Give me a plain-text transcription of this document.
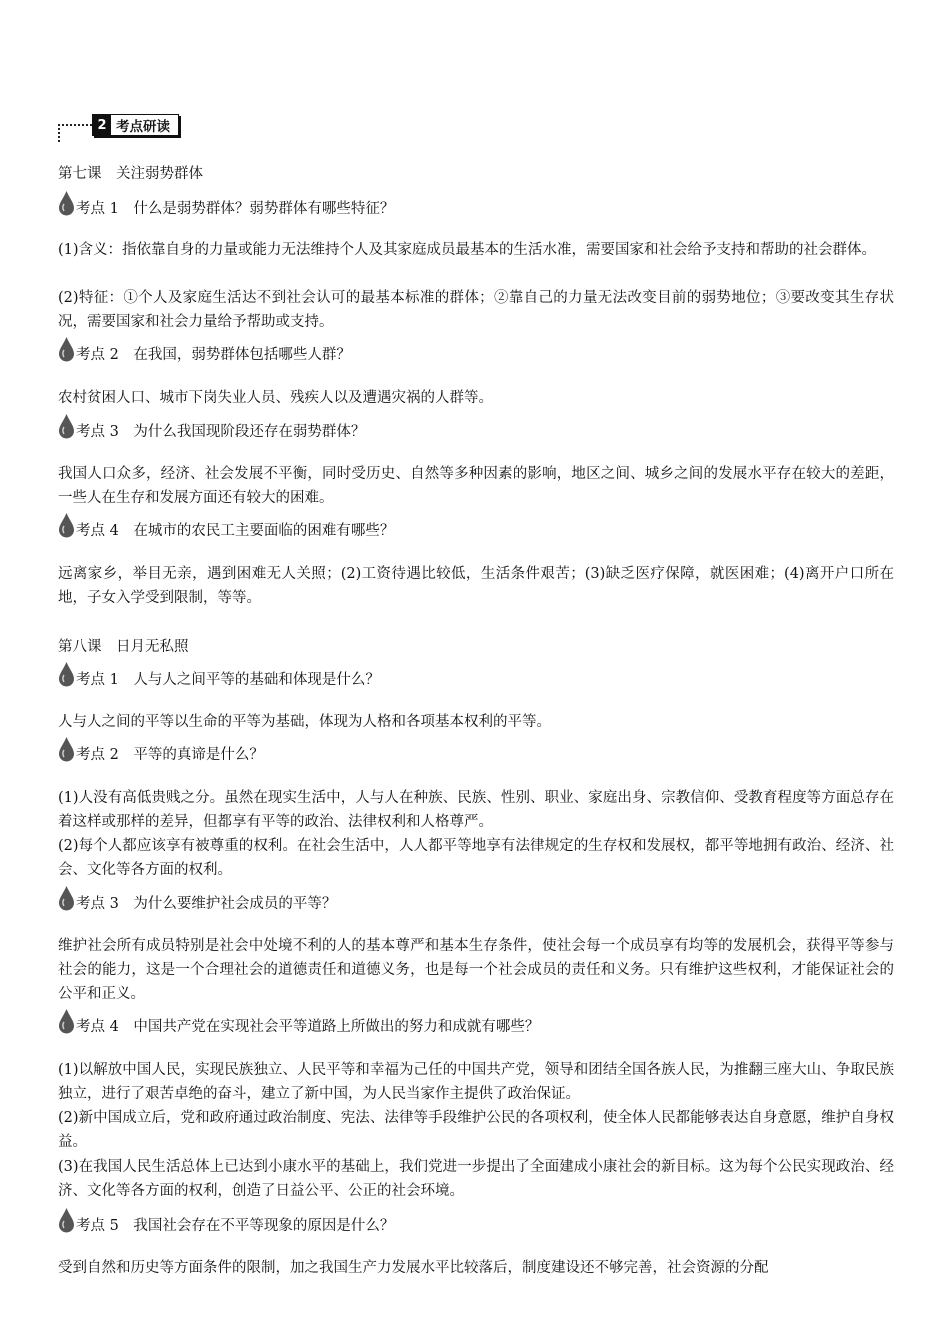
2 考点研读
第七课　关注弱势群体
考点 1　什么是弱势群体？弱势群体有哪些特征？
(1)含义：指依靠自身的力量或能力无法维持个人及其家庭成员最基本的生活水准，需要国家和社会给予支持和帮助的社会群体。
(2)特征：①个人及家庭生活达不到社会认可的最基本标准的群体；②靠自己的力量无法改变目前的弱势地位；③要改变其生存状况，需要国家和社会力量给予帮助或支持。
考点 2　在我国，弱势群体包括哪些人群？
农村贫困人口、城市下岗失业人员、残疾人以及遭遇灾祸的人群等。
考点 3　为什么我国现阶段还存在弱势群体？
我国人口众多，经济、社会发展不平衡，同时受历史、自然等多种因素的影响，地区之间、城乡之间的发展水平存在较大的差距，一些人在生存和发展方面还有较大的困难。
考点 4　在城市的农民工主要面临的困难有哪些？
远离家乡，举目无亲，遇到困难无人关照；(2)工资待遇比较低，生活条件艰苦；(3)缺乏医疗保障，就医困难；(4)离开户口所在地，子女入学受到限制，等等。
第八课　日月无私照
考点 1　人与人之间平等的基础和体现是什么？
人与人之间的平等以生命的平等为基础，体现为人格和各项基本权利的平等。
考点 2　平等的真谛是什么？
(1)人没有高低贵贱之分。虽然在现实生活中，人与人在种族、民族、性别、职业、家庭出身、宗教信仰、受教育程度等方面总存在着这样或那样的差异，但都享有平等的政治、法律权利和人格尊严。
(2)每个人都应该享有被尊重的权利。在社会生活中，人人都平等地享有法律规定的生存权和发展权，都平等地拥有政治、经济、社会、文化等各方面的权利。
考点 3　为什么要维护社会成员的平等？
维护社会所有成员特别是社会中处境不利的人的基本尊严和基本生存条件，使社会每一个成员享有均等的发展机会，获得平等参与社会的能力，这是一个合理社会的道德责任和道德义务，也是每一个社会成员的责任和义务。只有维护这些权利，才能保证社会的公平和正义。
考点 4　中国共产党在实现社会平等道路上所做出的努力和成就有哪些？
(1)以解放中国人民，实现民族独立、人民平等和幸福为己任的中国共产党，领导和团结全国各族人民，为推翻三座大山、争取民族独立，进行了艰苦卓绝的奋斗，建立了新中国，为人民当家作主提供了政治保证。
(2)新中国成立后，党和政府通过政治制度、宪法、法律等手段维护公民的各项权利，使全体人民都能够表达自身意愿，维护自身权益。
(3)在我国人民生活总体上已达到小康水平的基础上，我们党进一步提出了全面建成小康社会的新目标。这为每个公民实现政治、经济、文化等各方面的权利，创造了日益公平、公正的社会环境。
考点 5　我国社会存在不平等现象的原因是什么？
受到自然和历史等方面条件的限制，加之我国生产力发展水平比较落后，制度建设还不够完善，社会资源的分配
